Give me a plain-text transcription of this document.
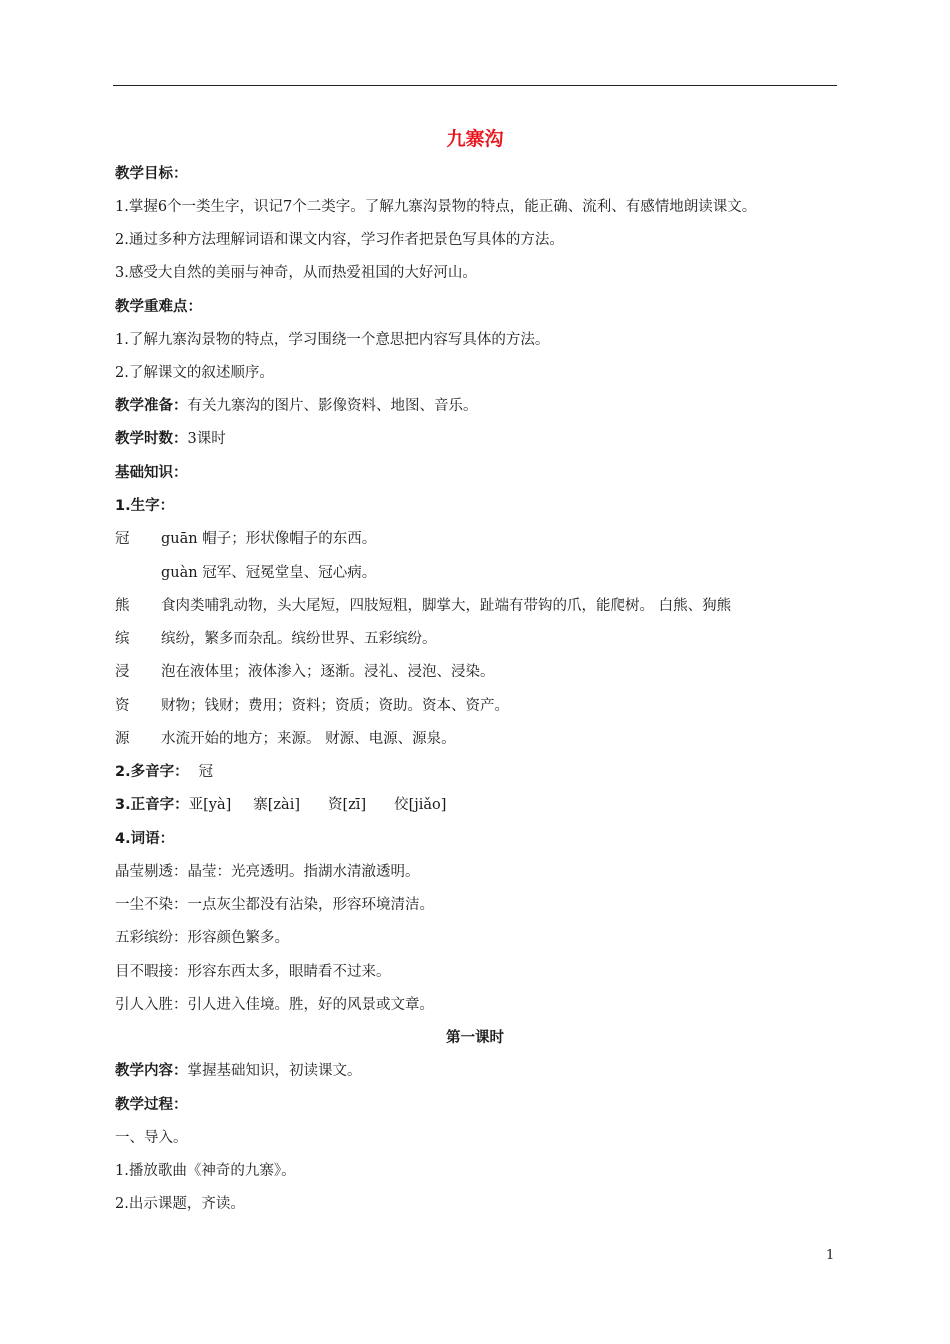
九寨沟
教学目标：
1.掌握6个一类生字，识记7个二类字。了解九寨沟景物的特点，能正确、流利、有感情地朗读课文。
2.通过多种方法理解词语和课文内容，学习作者把景色写具体的方法。
3.感受大自然的美丽与神奇，从而热爱祖国的大好河山。
教学重难点：
1.了解九寨沟景物的特点，学习围绕一个意思把内容写具体的方法。
2.了解课文的叙述顺序。
教学准备：有关九寨沟的图片、影像资料、地图、音乐。
教学时数：3课时
基础知识：
1.生字：
冠 guān 帽子；形状像帽子的东西。
guàn 冠军、冠冕堂皇、冠心病。
熊 食肉类哺乳动物，头大尾短，四肢短粗，脚掌大，趾端有带钩的爪，能爬树。 白熊、狗熊
缤 缤纷，繁多而杂乱。缤纷世界、五彩缤纷。
浸 泡在液体里；液体渗入；逐渐。浸礼、浸泡、浸染。
资 财物；钱财；费用；资料；资质；资助。资本、资产。
源 水流开始的地方；来源。 财源、电源、源泉。
2.多音字： 冠
3.正音字：亚[yà] 寨[zài] 资[zī] 佼[jiǎo]
4.词语：
晶莹剔透：晶莹：光亮透明。指湖水清澈透明。
一尘不染：一点灰尘都没有沾染，形容环境清洁。
五彩缤纷：形容颜色繁多。
目不暇接：形容东西太多，眼睛看不过来。
引人入胜：引人进入佳境。胜，好的风景或文章。
第一课时
教学内容：掌握基础知识，初读课文。
教学过程：
一、导入。
1.播放歌曲《神奇的九寨》。
2.出示课题，齐读。
1
